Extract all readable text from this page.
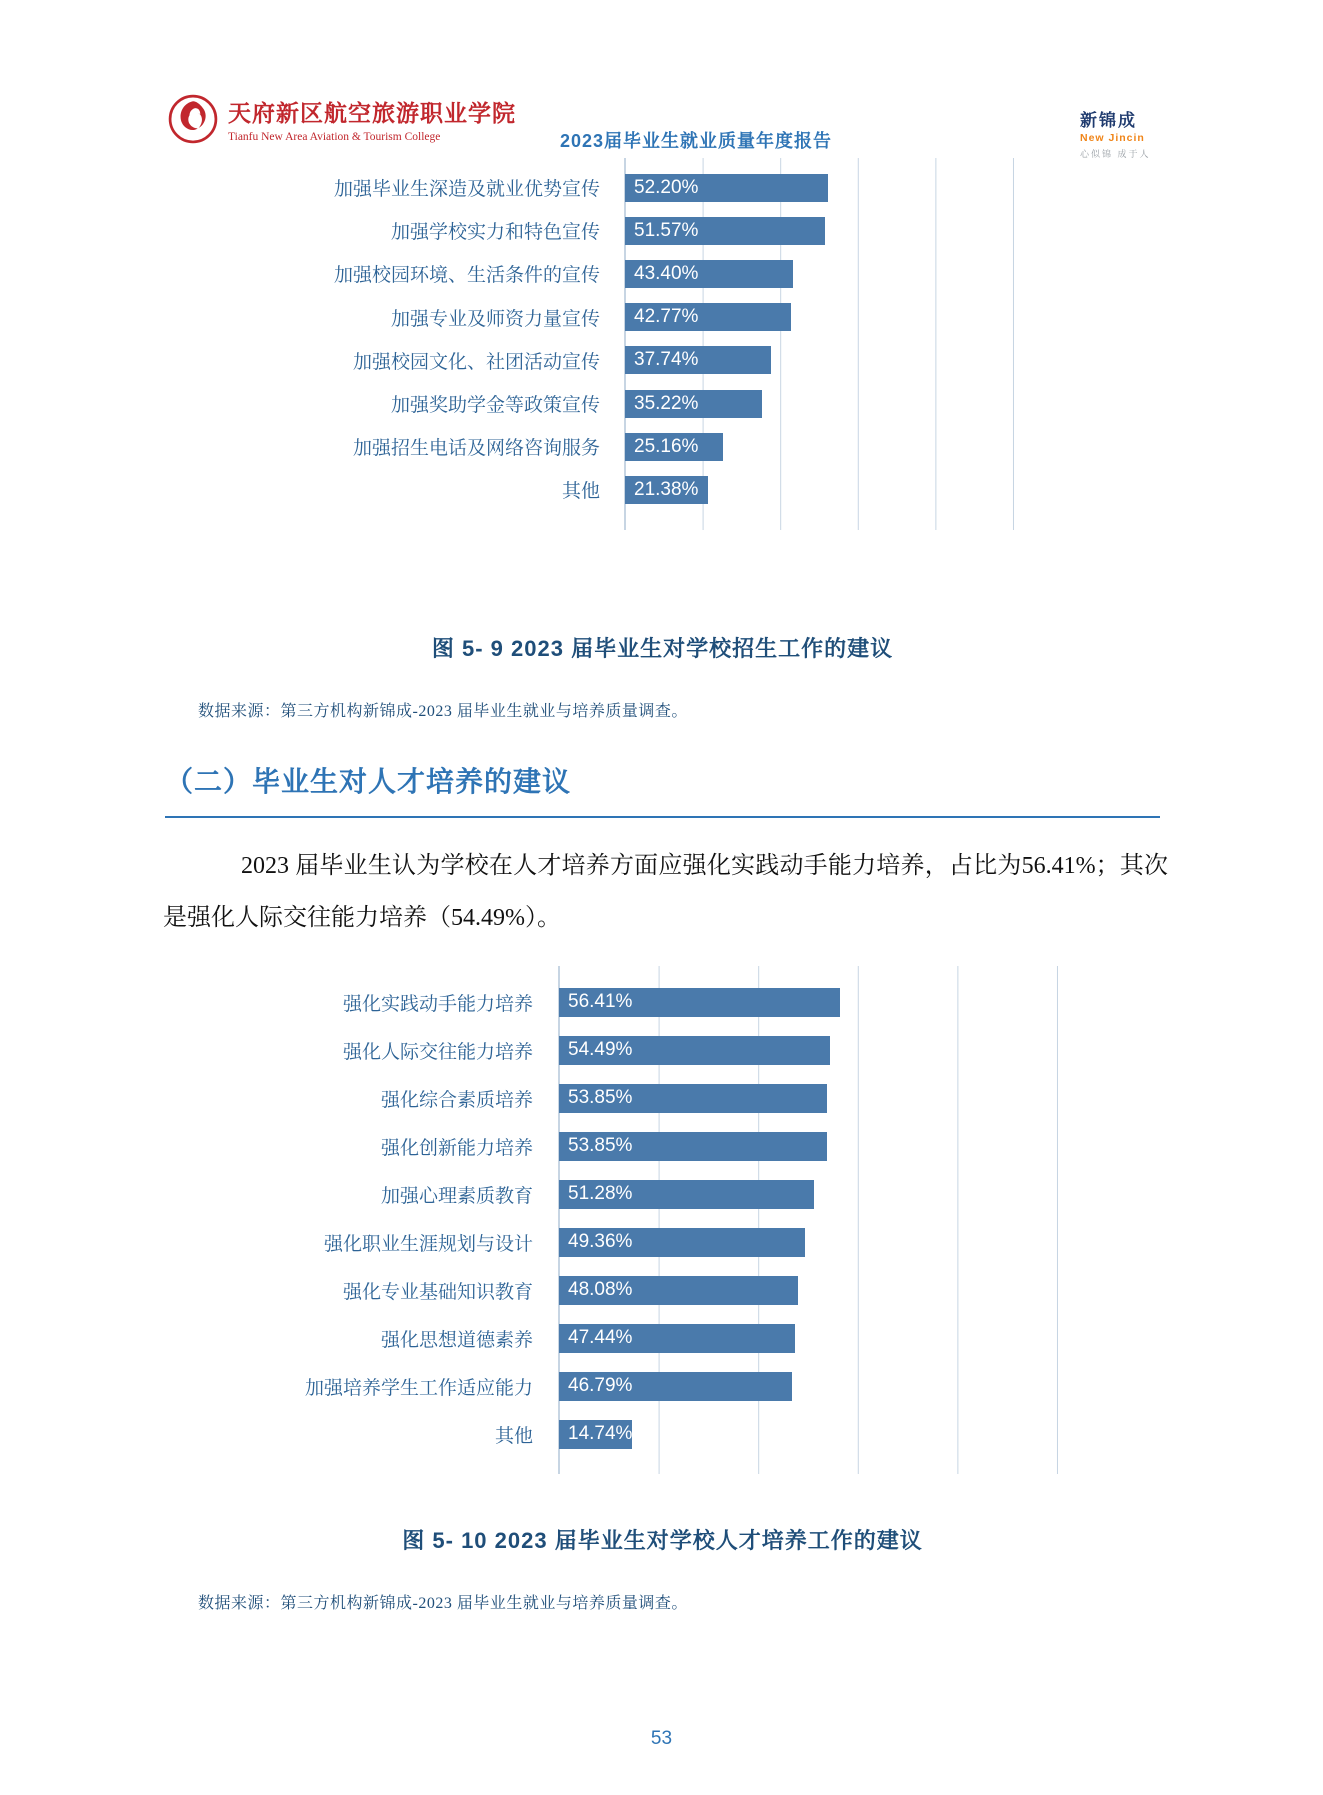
天府新区航空旅游职业学院
Tianfu New Area Aviation & Tourism College	2023届毕业生就业质量年度报告
新锦成
New Jincin
心似锦 成于人
加强毕业生深造及就业优势宣传
加强学校实力和特色宣传
加强校园环境、生活条件的宣传
加强专业及师资力量宣传
加强校园文化、社团活动宣传
加强奖助学金等政策宣传
加强招生电话及网络咨询服务
其他
52.20%
51.57%
43.40%
42.77%
37.74%
35.22%
25.16%
21.38%
图 5- 9 2023 届毕业生对学校招生工作的建议
数据来源：第三方机构新锦成-2023 届毕业生就业与培养质量调查。
（二）毕业生对人才培养的建议
2023 届毕业生认为学校在人才培养方面应强化实践动手能力培养，占比为56.41%；其次是强化人际交往能力培养（54.49%）。
强化实践动手能力培养
强化人际交往能力培养
强化综合素质培养
强化创新能力培养
加强心理素质教育
强化职业生涯规划与设计
强化专业基础知识教育
强化思想道德素养
加强培养学生工作适应能力
其他
56.41%
54.49%
53.85%
53.85%
51.28%
49.36%
48.08%
47.44%
46.79%
14.74%
图 5- 10 2023 届毕业生对学校人才培养工作的建议
数据来源：第三方机构新锦成-2023 届毕业生就业与培养质量调查。
53
